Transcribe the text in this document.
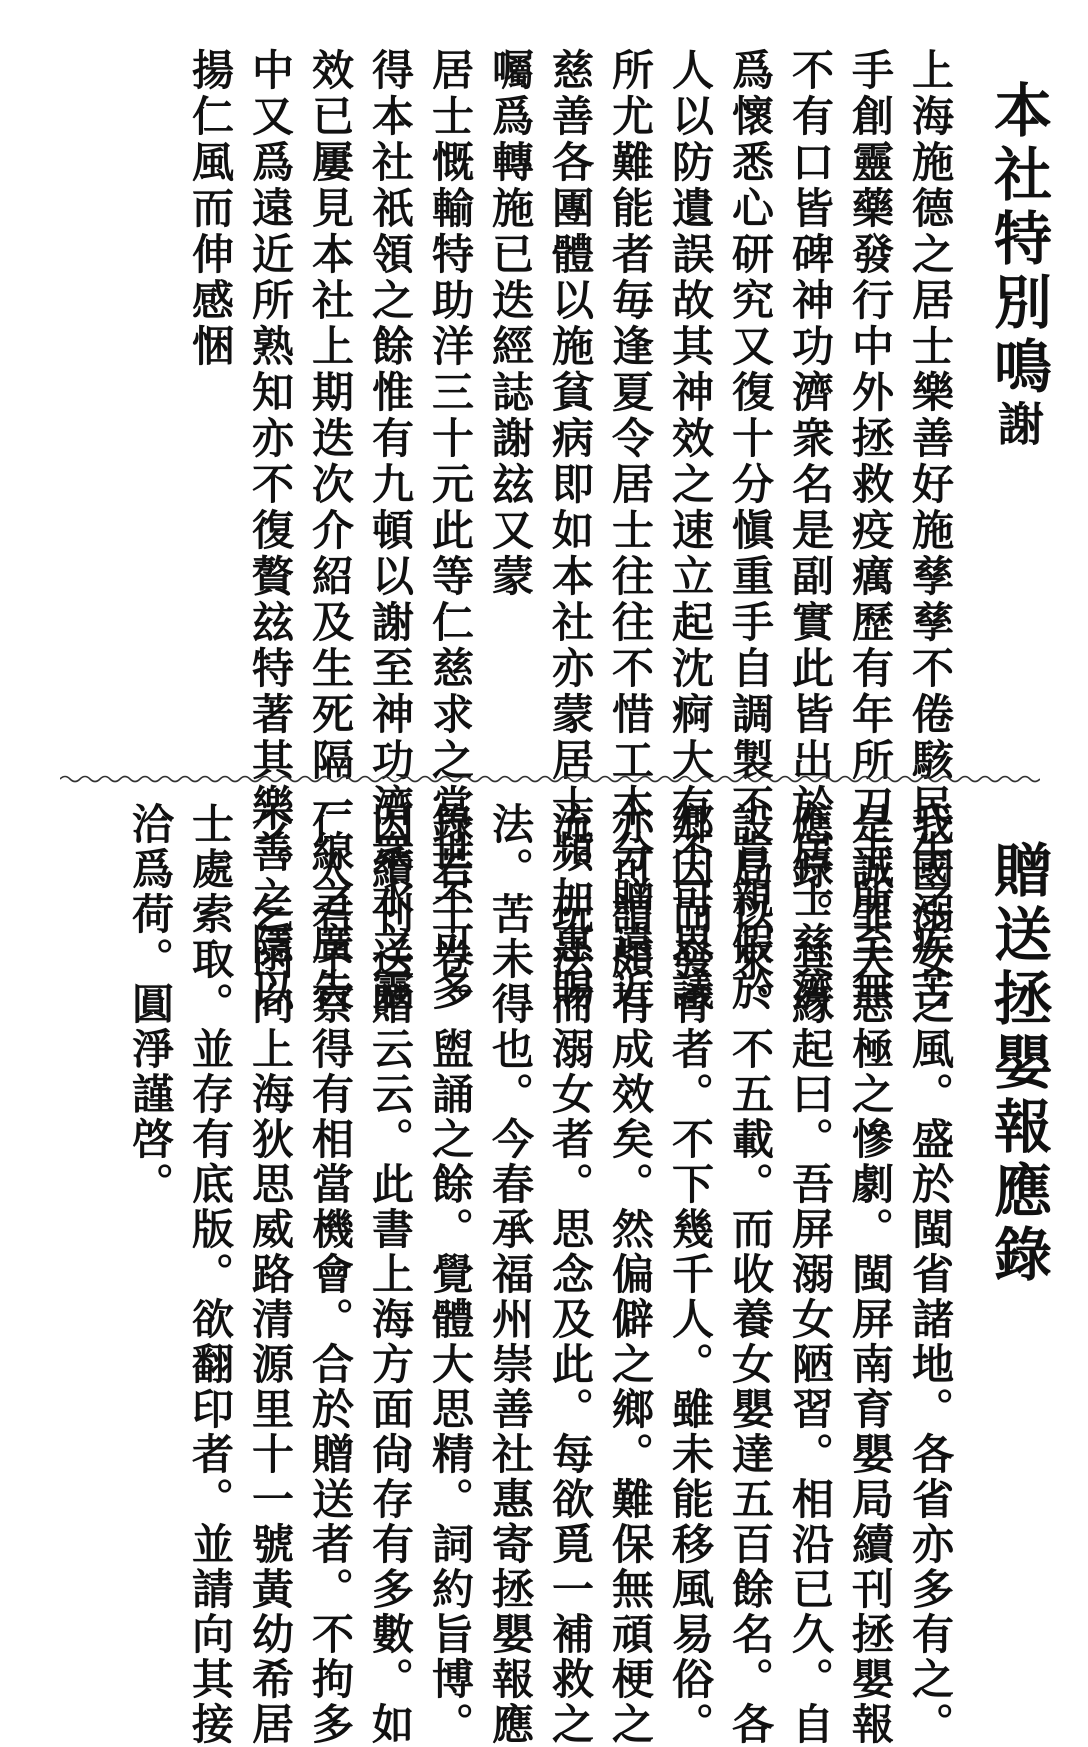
本社特別鳴謝
上海施德之居士樂善好施孳孳不倦駭民生之疾苦
手創靈藥發行中外拯救疫癘歷有年所刀圭所至無
不有口皆碑神功濟衆名是副實此皆出於居士慈濟
爲懷悉心研究又復十分愼重手自調製不肯親假於
人以防遺誤故其神效之速立起沈痾大有不可思議
所尤難能者毎逢夏令居士往往不惜工本分贈遠近
慈善各團體以施貧病即如本社亦蒙居士頻加惠賜
囑爲轉施已迭經誌謝玆又蒙
居士慨輸特助洋三十元此等仁慈求之當世不可多
得本社祇領之餘惟有九頓以謝至神功濟衆水之靈
效已屢見本社上期迭次介紹及生死隔一線之廣告
中又爲遠近所熟知亦不復贅玆特著其樂善之隱以
揚仁風而伸感悃
贈送拯嬰報應錄
我國溺女之風。盛於閩省諸地。各省亦多有之。
是誠罪大惡極之慘劇。閩屏南育嬰局續刊拯嬰報
應錄。其緣起曰。吾屏溺女陋習。相沿已久。自
設局以來。不五載。而收養女嬰達五百餘名。各
鄉因而發育者。不下幾千人。雖未能移風易俗。
亦可謂頗有成效矣。然偏僻之鄉。難保無頑梗之
流。玩法而溺女者。思念及此。每欲覓一補救之
法。苦未得也。今春承福州崇善社惠寄拯嬰報應
錄若干卷。盥誦之餘。覺體大思精。詞約旨博。
因續刊送贈云云。此書上海方面尙存有多數。如
仁人君子察得有相當機會。合於贈送者。不拘多
少。乞函向上海狄思威路清源里十一號黃幼希居
士處索取。並存有底版。欲翻印者。並請向其接
洽爲荷。圓淨謹啓。
